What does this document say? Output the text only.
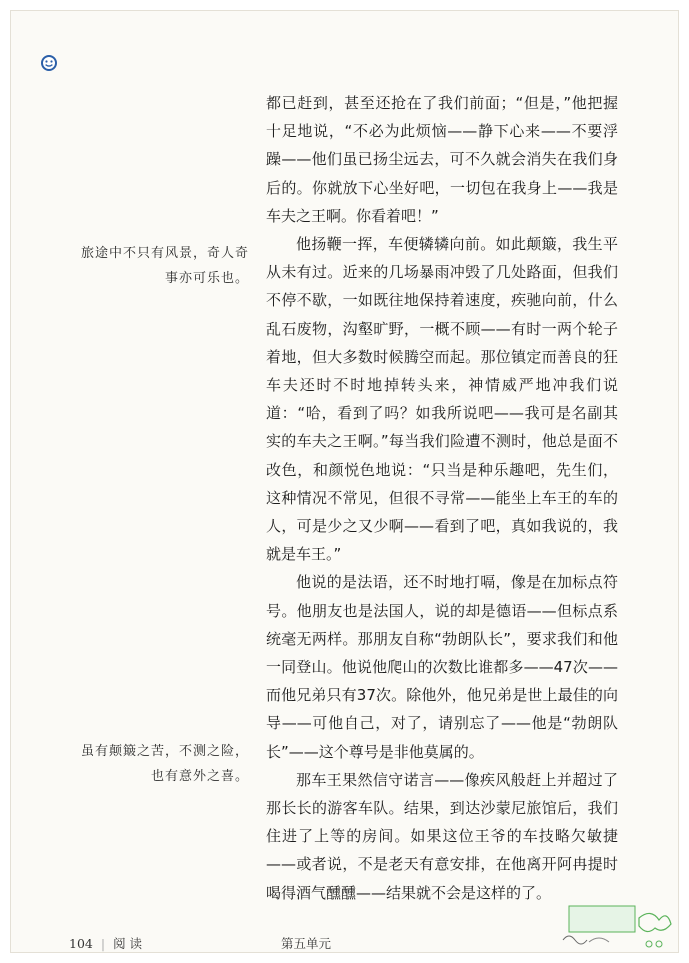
旅途中不只有风景，奇人奇事亦可乐也。
虽有颠簸之苦，不测之险，也有意外之喜。

都已赶到，甚至还抢在了我们前面；“但是，”他把握十足地说，“不必为此烦恼——静下心来——不要浮躁——他们虽已扬尘远去，可不久就会消失在我们身后的。你就放下心坐好吧，一切包在我身上——我是车夫之王啊。你看着吧！”

他扬鞭一挥，车便辚辚向前。如此颠簸，我生平从未有过。近来的几场暴雨冲毁了几处路面，但我们不停不歇，一如既往地保持着速度，疾驰向前，什么乱石废物，沟壑旷野，一概不顾——有时一两个轮子着地，但大多数时候腾空而起。那位镇定而善良的狂车夫还时不时地掉转头来，神情威严地冲我们说道：“哈，看到了吗？如我所说吧——我可是名副其实的车夫之王啊。”每当我们险遭不测时，他总是面不改色，和颜悦色地说：“只当是种乐趣吧，先生们，这种情况不常见，但很不寻常——能坐上车王的车的人，可是少之又少啊——看到了吧，真如我说的，我就是车王。”

他说的是法语，还不时地打嗝，像是在加标点符号。他朋友也是法国人，说的却是德语——但标点系统毫无两样。那朋友自称“勃朗队长”，要求我们和他一同登山。他说他爬山的次数比谁都多——47次——而他兄弟只有37次。除他外，他兄弟是世上最佳的向导——可他自己，对了，请别忘了——他是“勃朗队长”——这个尊号是非他莫属的。

那车王果然信守诺言——像疾风般赶上并超过了那长长的游客车队。结果，到达沙蒙尼旅馆后，我们住进了上等的房间。如果这位王爷的车技略欠敏捷——或者说，不是老天有意安排，在他离开阿冉提时喝得酒气醺醺——结果就不会是这样的了。

104 | 阅 读	第五单元
